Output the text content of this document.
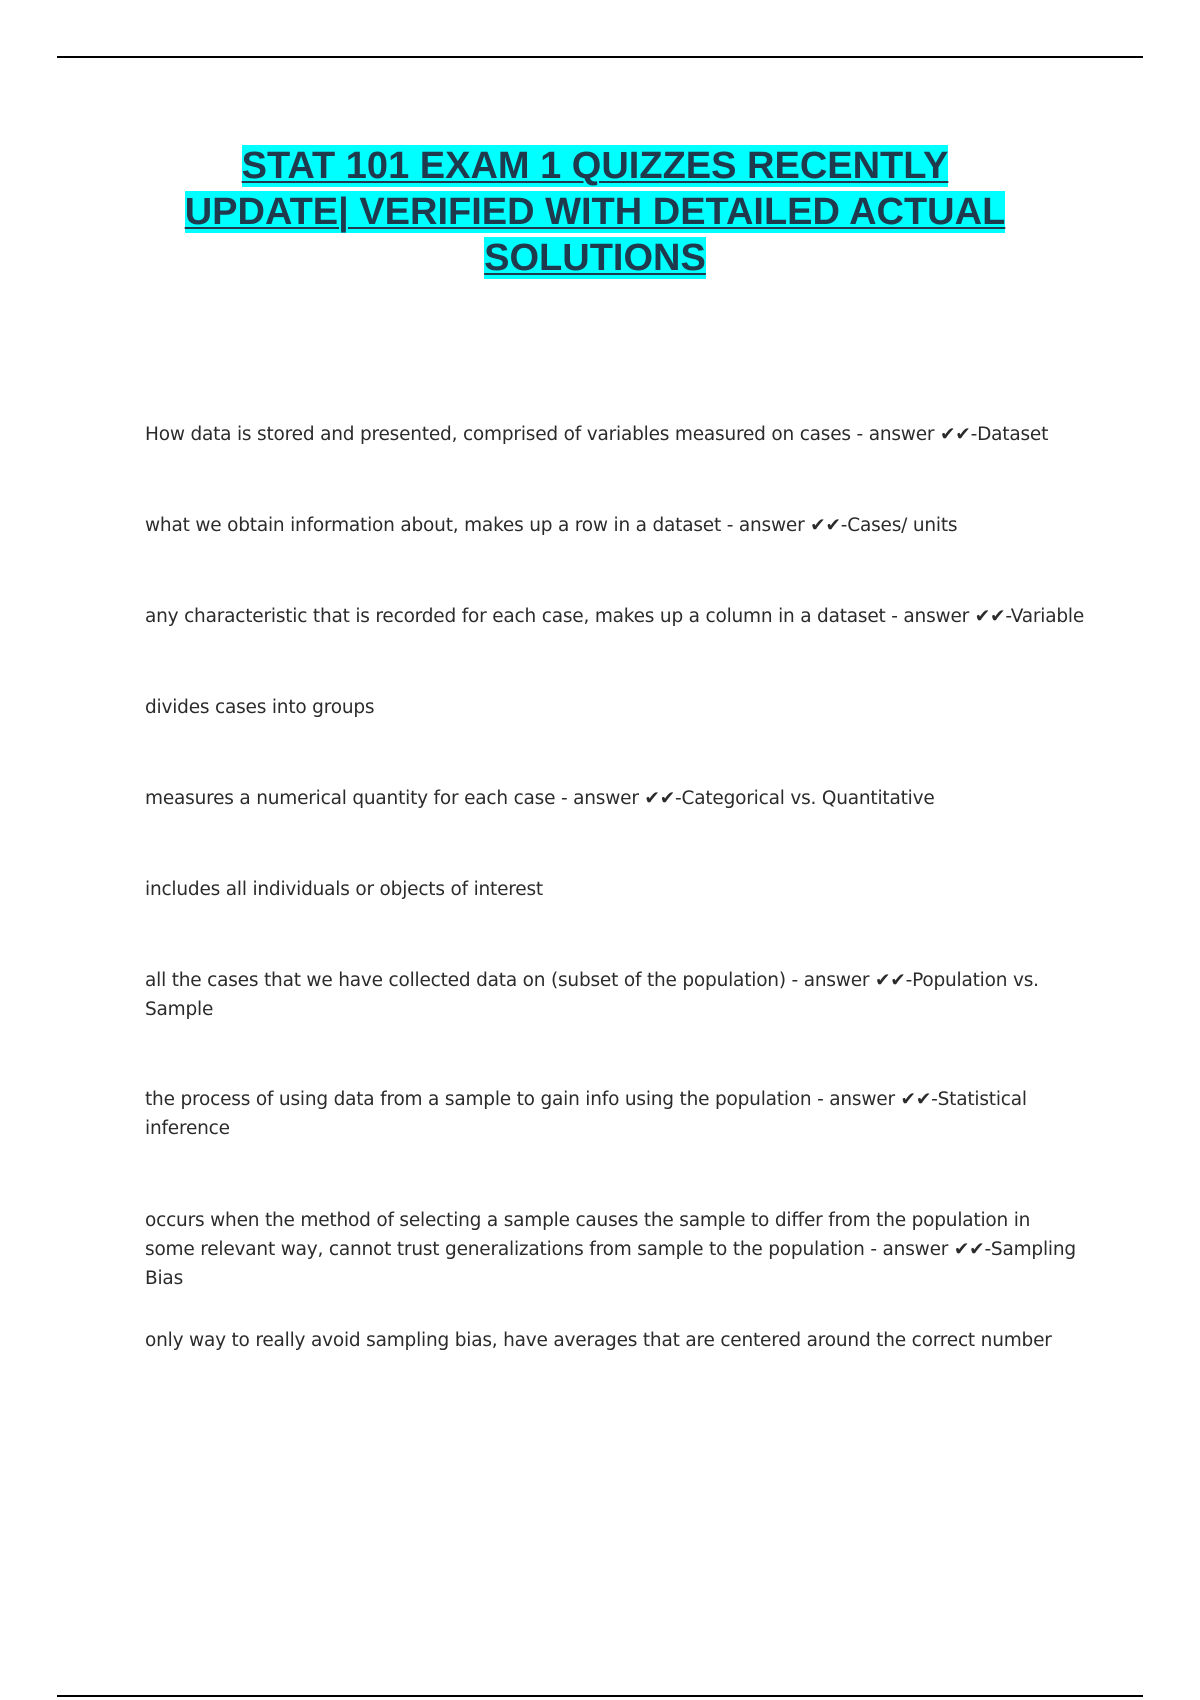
STAT 101 EXAM 1 QUIZZES RECENTLY
UPDATE| VERIFIED WITH DETAILED ACTUAL
SOLUTIONS
How data is stored and presented, comprised of variables measured on cases - answer ✔✔-Dataset
what we obtain information about, makes up a row in a dataset - answer ✔✔-Cases/ units
any characteristic that is recorded for each case, makes up a column in a dataset - answer ✔✔-Variable
divides cases into groups
measures a numerical quantity for each case - answer ✔✔-Categorical vs. Quantitative
includes all individuals or objects of interest
all the cases that we have collected data on (subset of the population) - answer ✔✔-Population vs. Sample
the process of using data from a sample to gain info using the population - answer ✔✔-Statistical inference
occurs when the method of selecting a sample causes the sample to differ from the population in some relevant way, cannot trust generalizations from sample to the population - answer ✔✔-Sampling Bias
only way to really avoid sampling bias, have averages that are centered around the correct number
